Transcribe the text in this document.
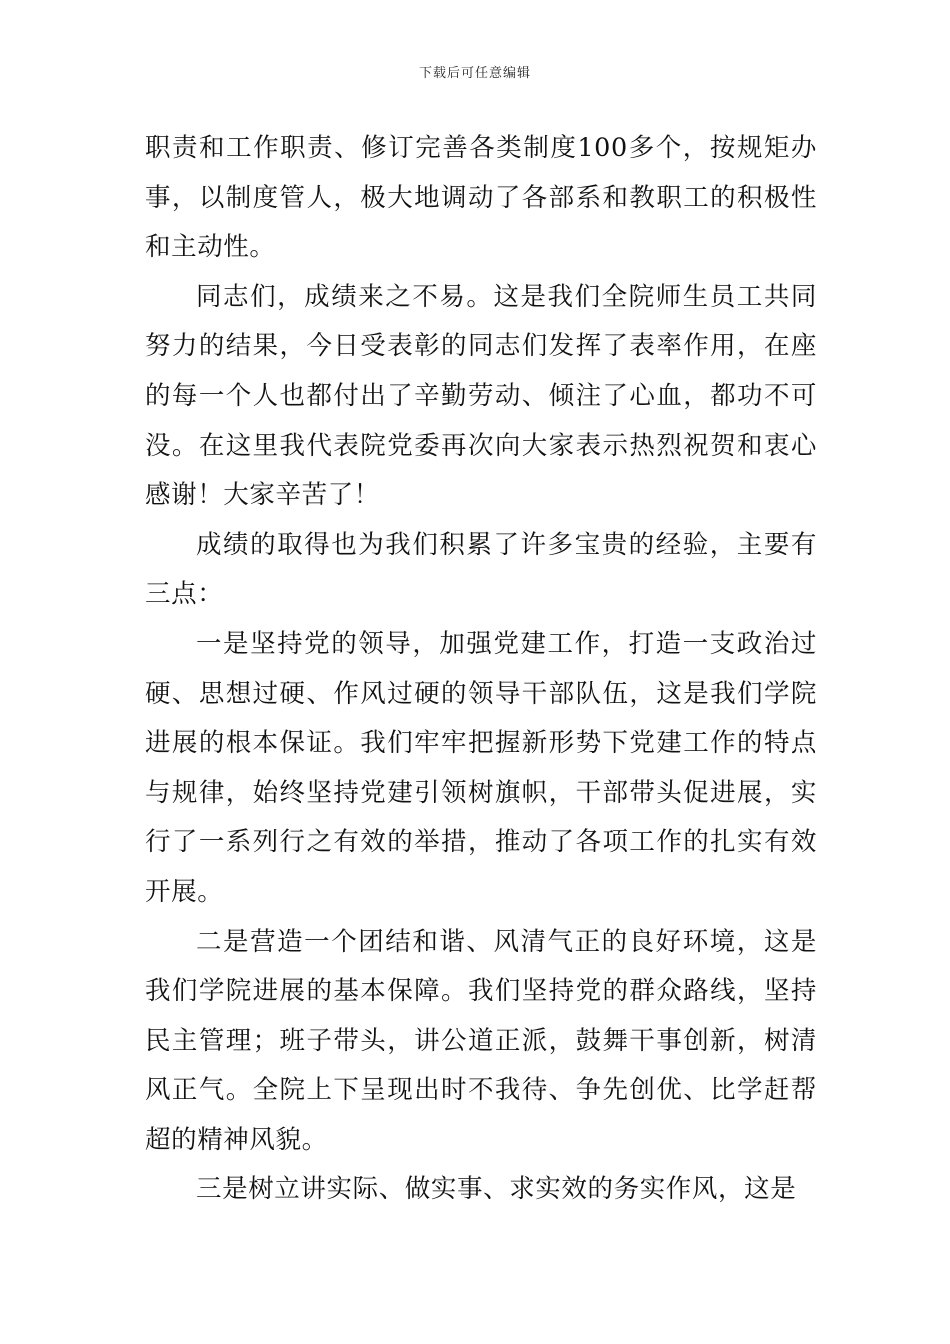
下载后可任意编辑

职责和工作职责、修订完善各类制度100多个，按规矩办事，以制度管人，极大地调动了各部系和教职工的积极性和主动性。

同志们，成绩来之不易。这是我们全院师生员工共同努力的结果，今日受表彰的同志们发挥了表率作用，在座的每一个人也都付出了辛勤劳动、倾注了心血，都功不可没。在这里我代表院党委再次向大家表示热烈祝贺和衷心感谢！大家辛苦了！

成绩的取得也为我们积累了许多宝贵的经验，主要有三点：

一是坚持党的领导，加强党建工作，打造一支政治过硬、思想过硬、作风过硬的领导干部队伍，这是我们学院进展的根本保证。我们牢牢把握新形势下党建工作的特点与规律，始终坚持党建引领树旗帜，干部带头促进展，实行了一系列行之有效的举措，推动了各项工作的扎实有效开展。

二是营造一个团结和谐、风清气正的良好环境，这是我们学院进展的基本保障。我们坚持党的群众路线，坚持民主管理；班子带头，讲公道正派，鼓舞干事创新，树清风正气。全院上下呈现出时不我待、争先创优、比学赶帮超的精神风貌。

三是树立讲实际、做实事、求实效的务实作风，这是
